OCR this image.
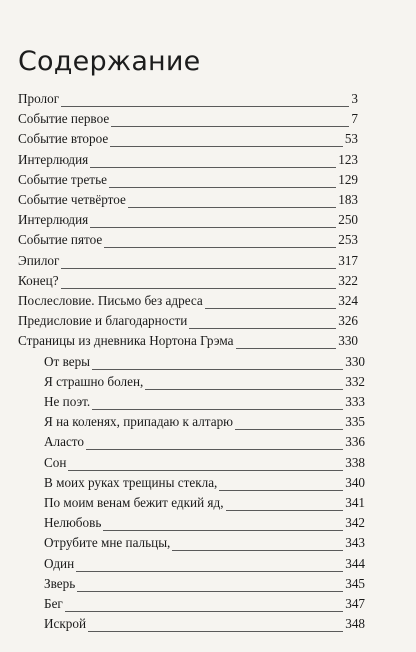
Содержание
Пролог	3
Событие первое	7
Событие второе	53
Интерлюдия	123
Событие третье	129
Событие четвёртое	183
Интерлюдия	250
Событие пятое	253
Эпилог	317
Конец?	322
Послесловие. Письмо без адреса	324
Предисловие и благодарности	326
Страницы из дневника Нортона Грэма	330
От веры	330
Я страшно болен,	332
Не поэт.	333
Я на коленях, припадаю к алтарю	335
Аласто	336
Сон	338
В моих руках трещины стекла,	340
По моим венам бежит едкий яд,	341
Нелюбовь	342
Отрубите мне пальцы,	343
Один	344
Зверь	345
Бег	347
Искрой	348
